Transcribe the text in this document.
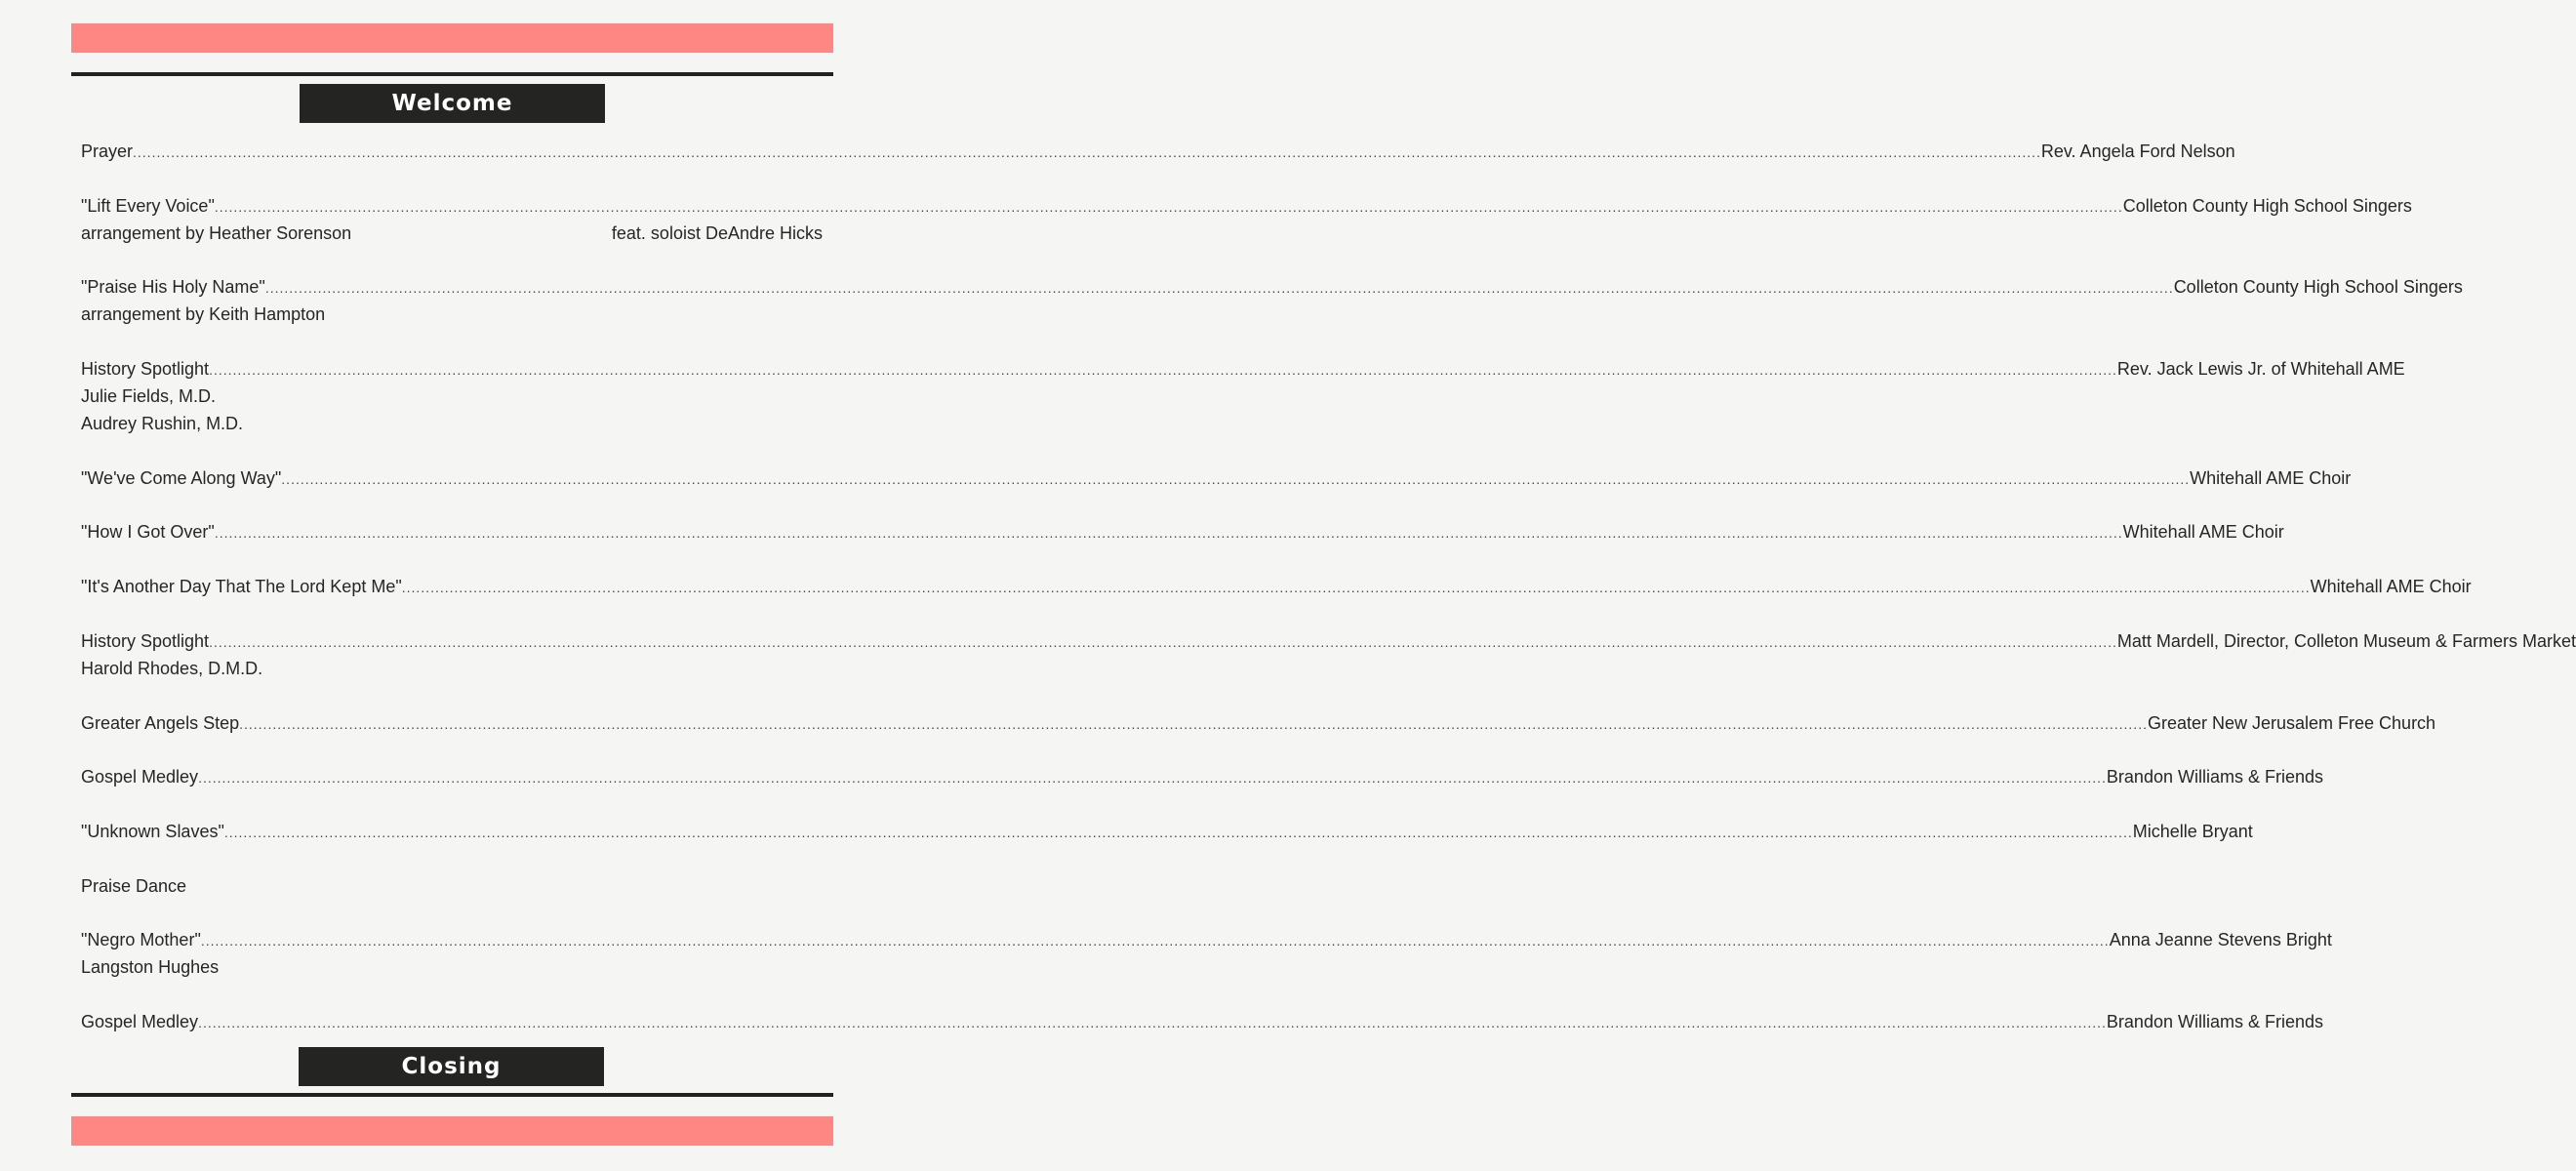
Welcome
Prayer ................................................................................................................................................................................................................................................................................................................................................................................................................ Rev. Angela Ford Nelson
"Lift Every Voice" ................................................................................................................................................................................................................................................................................................................................................................................................................ Colleton County High School Singers
arrangement by Heather Sorenson	feat. soloist DeAndre Hicks
"Praise His Holy Name" ................................................................................................................................................................................................................................................................................................................................................................................................................ Colleton County High School Singers
arrangement by Keith Hampton
History Spotlight ................................................................................................................................................................................................................................................................................................................................................................................................................ Rev. Jack Lewis Jr. of Whitehall AME
Julie Fields, M.D.
Audrey Rushin, M.D.
"We've Come Along Way" ................................................................................................................................................................................................................................................................................................................................................................................................................ Whitehall AME Choir
"How I Got Over" ................................................................................................................................................................................................................................................................................................................................................................................................................ Whitehall AME Choir
"It's Another Day That The Lord Kept Me" ................................................................................................................................................................................................................................................................................................................................................................................................................ Whitehall AME Choir
History Spotlight ................................................................................................................................................................................................................................................................................................................................................................................................................ Matt Mardell, Director, Colleton Museum & Farmers Market
Harold Rhodes, D.M.D.
Greater Angels Step ................................................................................................................................................................................................................................................................................................................................................................................................................ Greater New Jerusalem Free Church
Gospel Medley ................................................................................................................................................................................................................................................................................................................................................................................................................ Brandon Williams & Friends
"Unknown Slaves" ................................................................................................................................................................................................................................................................................................................................................................................................................ Michelle Bryant
Praise Dance
"Negro Mother" ................................................................................................................................................................................................................................................................................................................................................................................................................ Anna Jeanne Stevens Bright
Langston Hughes
Gospel Medley ................................................................................................................................................................................................................................................................................................................................................................................................................ Brandon Williams & Friends
Closing
